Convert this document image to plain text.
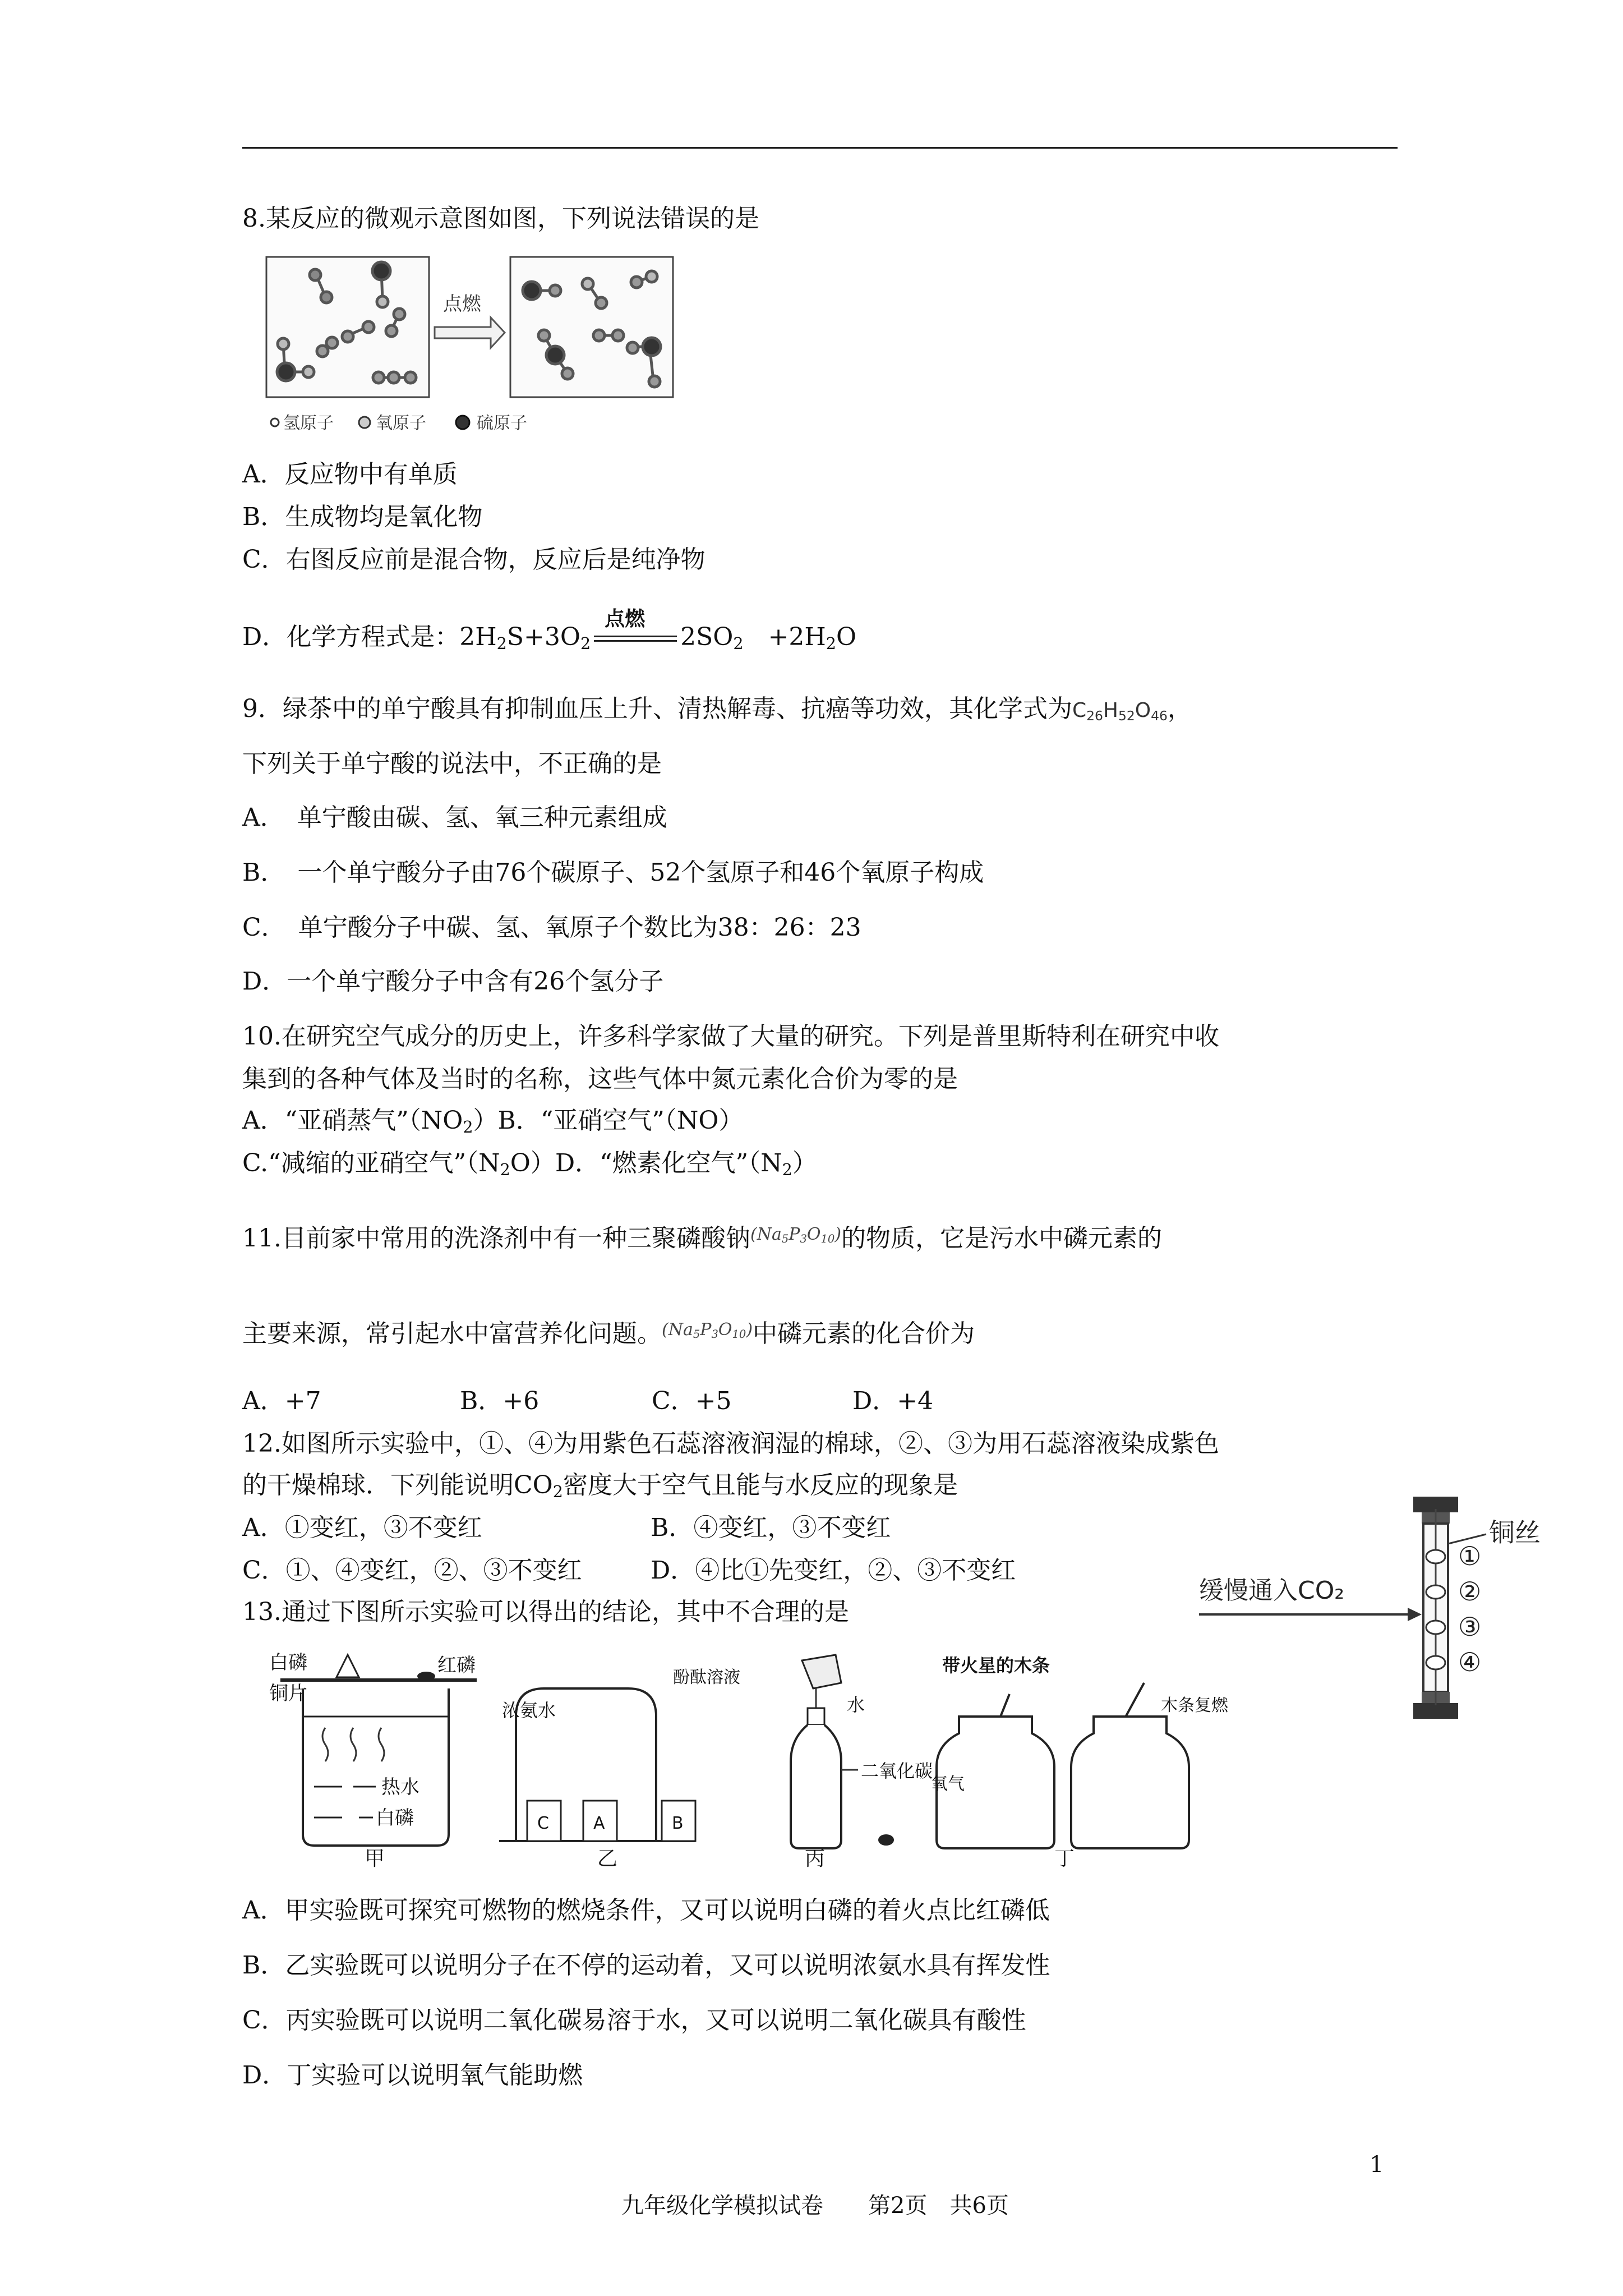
8.某反应的微观示意图如图，下列说法错误的是
点燃
氢原子	氧原子	硫原子
A．反应物中有单质
B．生成物均是氧化物
C．右图反应前是混合物，反应后是纯净物
D．化学方程式是：$2H_2S+3O_2$
点燃
$2SO_2$　 $+2H_2O$
9．绿茶中的单宁酸具有抑制血压上升、清热解毒、抗癌等功效，其化学式为$C_{26}H_{52}O_{46}$，
下列关于单宁酸的说法中，不正确的是
A．　单宁酸由碳、氢、氧三种元素组成
B．　一个单宁酸分子由76个碳原子、52个氢原子和46个氧原子构成
C．　单宁酸分子中碳、氢、氧原子个数比为38：26：23
D．一个单宁酸分子中含有26个氢分子
10.在研究空气成分的历史上，许多科学家做了大量的研究。下列是普里斯特利在研究中收
集到的各种气体及当时的名称，这些气体中氮元素化合价为零的是
A．“亚硝蒸气$”(NO_2)B$．“亚硝空气”（NO）
C.“减缩的亚硝空气$”(N_2O)D$．“燃素化空气$”(N_2)$
11.目前家中常用的洗涤剂中有一种三聚磷酸钠$^{(Na_5P_3O_{10})}$的物质，它是污水中磷元素的
主要来源，常引起水中富营养化问题。$^{(Na_5P_3O_{10})}$中磷元素的化合价为
A．+7	B．+6	C．+5	D．+4
12.如图所示实验中，①、④为用紫色石蕊溶液润湿的棉球，②、③为用石蕊溶液染成紫色
的干燥棉球．下列能说明$CO_2$密度大于空气且能与水反应的现象是
A．①变红，③不变红	B．④变红，③不变红
C．①、④变红，②、③不变红	D．④比①先变红，②、③不变红
铜丝
①
②
③
④
缓慢通入CO₂
13.通过下图所示实验可以得出的结论，其中不合理的是
白磷
铜片
红磷
热水
白磷
甲
浓氨水
酚酞溶液
C	A	B
乙
水
二氧化碳
丙
带火星的木条
氧气
木条复燃
丁
A．甲实验既可探究可燃物的燃烧条件，又可以说明白磷的着火点比红磷低
B．乙实验既可以说明分子在不停的运动着，又可以说明浓氨水具有挥发性
C．丙实验既可以说明二氧化碳易溶于水，又可以说明二氧化碳具有酸性
D．丁实验可以说明氧气能助燃
1
九年级化学模拟试卷　　 第2页　 共6页
